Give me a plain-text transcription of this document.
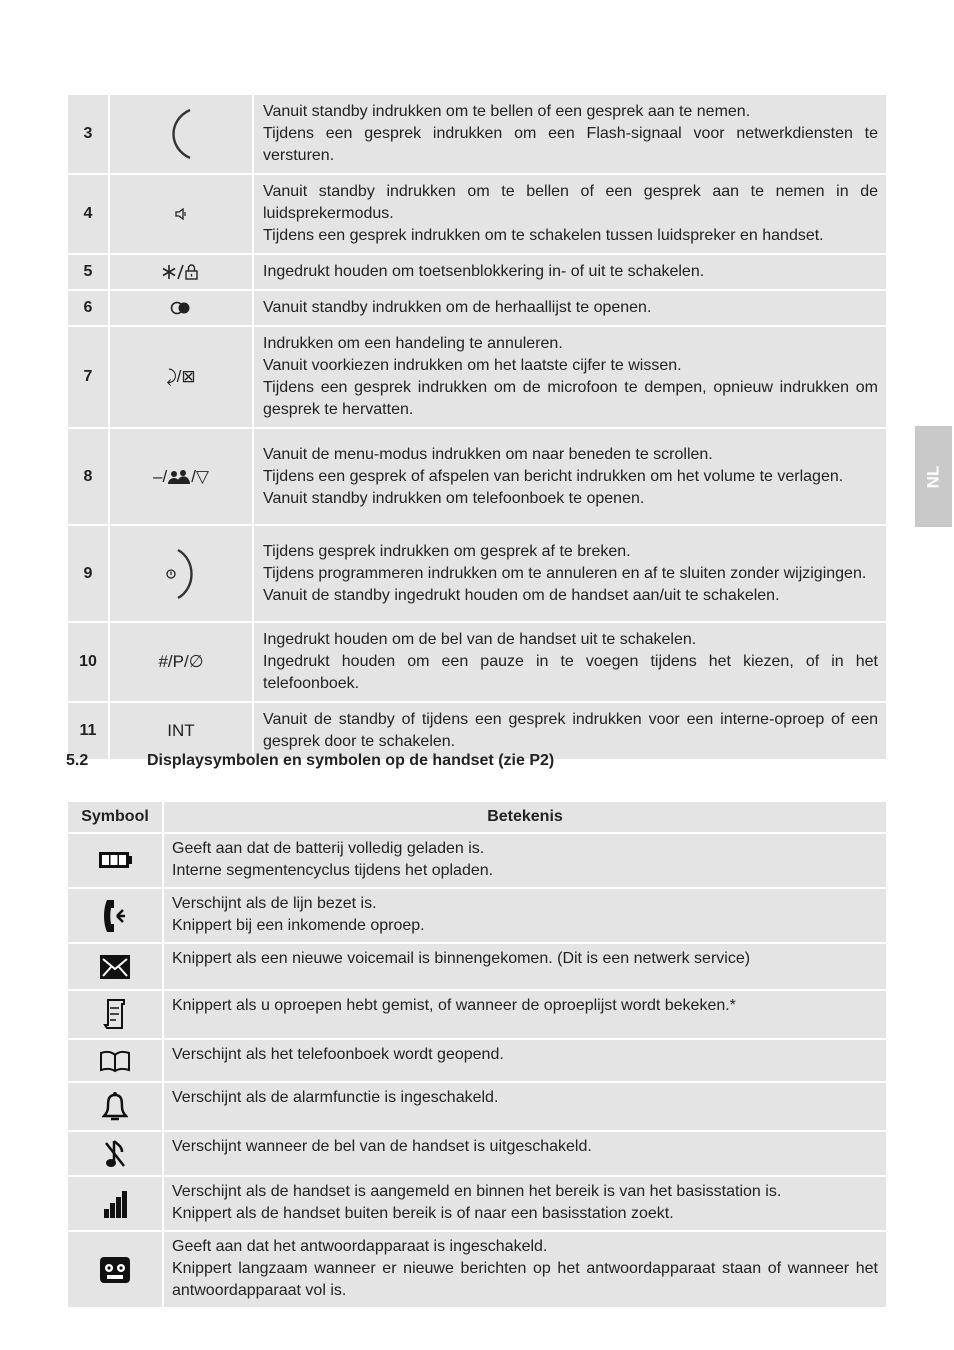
NL
3		Vanuit standby indrukken om te bellen of een gesprek aan te nemen.
Tijdens een gesprek indrukken om een Flash-signaal voor netwerkdiensten te versturen.

4		Vanuit standby indrukken om te bellen of een gesprek aan te nemen in de luidsprekermodus.
Tijdens een gesprek indrukken om te schakelen tussen luidspreker en handset.

5		Ingedrukt houden om toetsenblokkering in- of uit te schakelen.

6		Vanuit standby indrukken om de herhaallijst te openen.

7	⤸/⊠	Indrukken om een handeling te annuleren.
Vanuit voorkiezen indrukken om het laatste cijfer te wissen.
Tijdens een gesprek indrukken om de microfoon te dempen, opnieuw indrukken om gesprek te hervatten.

8	–/ /▽	Vanuit de menu-modus indrukken om naar beneden te scrollen.
Tijdens een gesprek of afspelen van bericht indrukken om het volume te verlagen.
Vanuit standby indrukken om telefoonboek te openen.

9		Tijdens gesprek indrukken om gesprek af te breken.
Tijdens programmeren indrukken om te annuleren en af te sluiten zonder wijzigingen.
Vanuit de standby ingedrukt houden om de handset aan/uit te schakelen.

10	#/P/∅	Ingedrukt houden om de bel van de handset uit te schakelen.
Ingedrukt houden om een pauze in te voegen tijdens het kiezen, of in het telefoonboek.

11	INT	Vanuit de standby of tijdens een gesprek indrukken voor een interne-oproep of een gesprek door te schakelen.
5.2	Displaysymbolen en symbolen op de handset (zie P2)
Symbool	Betekenis

Geeft aan dat de batterij volledig geladen is.
Interne segmentencyclus tijdens het opladen.

Verschijnt als de lijn bezet is.
Knippert bij een inkomende oproep.

Knippert als een nieuwe voicemail is binnengekomen. (Dit is een netwerk service)

Knippert als u oproepen hebt gemist, of wanneer de oproeplijst wordt bekeken.*

Verschijnt als het telefoonboek wordt geopend.

Verschijnt als de alarmfunctie is ingeschakeld.

Verschijnt wanneer de bel van de handset is uitgeschakeld.

Verschijnt als de handset is aangemeld en binnen het bereik is van het basisstation is.
Knippert als de handset buiten bereik is of naar een basisstation zoekt.

Geeft aan dat het antwoordapparaat is ingeschakeld.
Knippert langzaam wanneer er nieuwe berichten op het antwoordapparaat staan of wanneer het antwoordapparaat vol is.
